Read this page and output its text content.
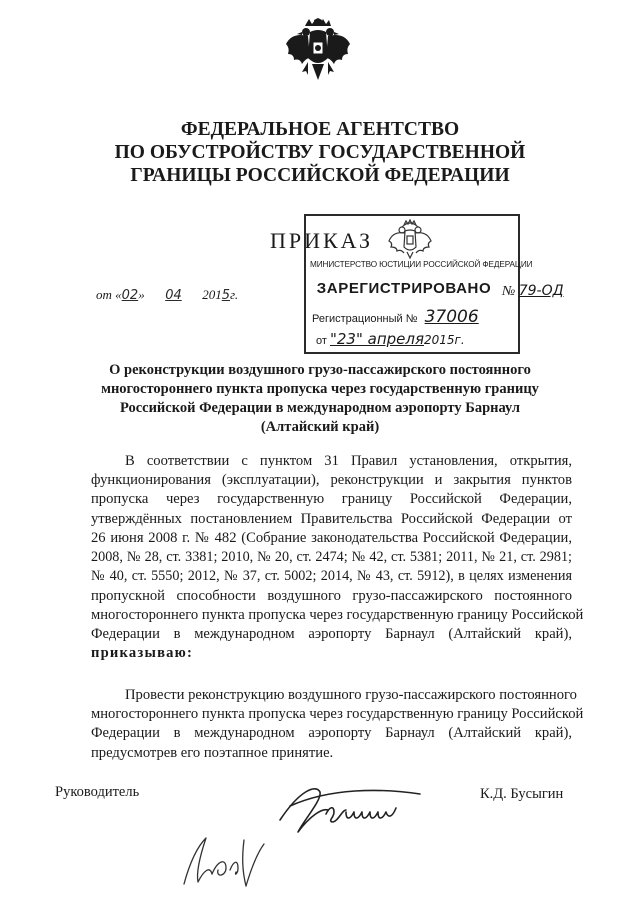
ФЕДЕРАЛЬНОЕ АГЕНТСТВО
ПО ОБУСТРОЙСТВУ ГОСУДАРСТВЕННОЙ
ГРАНИЦЫ РОССИЙСКОЙ ФЕДЕРАЦИИ
ПРИКАЗ
от «02» 04 2015г.
МИНИСТЕРСТВО ЮСТИЦИИ РОССИЙСКОЙ ФЕДЕРАЦИИ
ЗАРЕГИСТРИРОВАНО
Регистрационный № 37006
от "23" апреля2015г.
№ 79-ОД
О реконструкции воздушного грузо-пассажирского постоянного
многостороннего пункта пропуска через государственную границу
Российской Федерации в международном аэропорту Барнаул
(Алтайский край)
В соответствии с пунктом 31 Правил установления, открытия,
функционирования (эксплуатации), реконструкции и закрытия пунктов
пропуска через государственную границу Российской Федерации,
утверждённых постановлением Правительства Российской Федерации от
26 июня 2008 г. № 482 (Собрание законодательства Российской Федерации,
2008, № 28, ст. 3381; 2010, № 20, ст. 2474; № 42, ст. 5381; 2011, № 21, ст. 2981;
№ 40, ст. 5550; 2012, № 37, ст. 5002; 2014, № 43, ст. 5912), в целях изменения
пропускной способности воздушного грузо-пассажирского постоянного
многостороннего пункта пропуска через государственную границу Российской
Федерации в международном аэропорту Барнаул (Алтайский край),
приказываю:
Провести реконструкцию воздушного грузо-пассажирского постоянного
многостороннего пункта пропуска через государственную границу Российской
Федерации в международном аэропорту Барнаул (Алтайский край),
предусмотрев его поэтапное принятие.
Руководитель	К.Д. Бусыгин
